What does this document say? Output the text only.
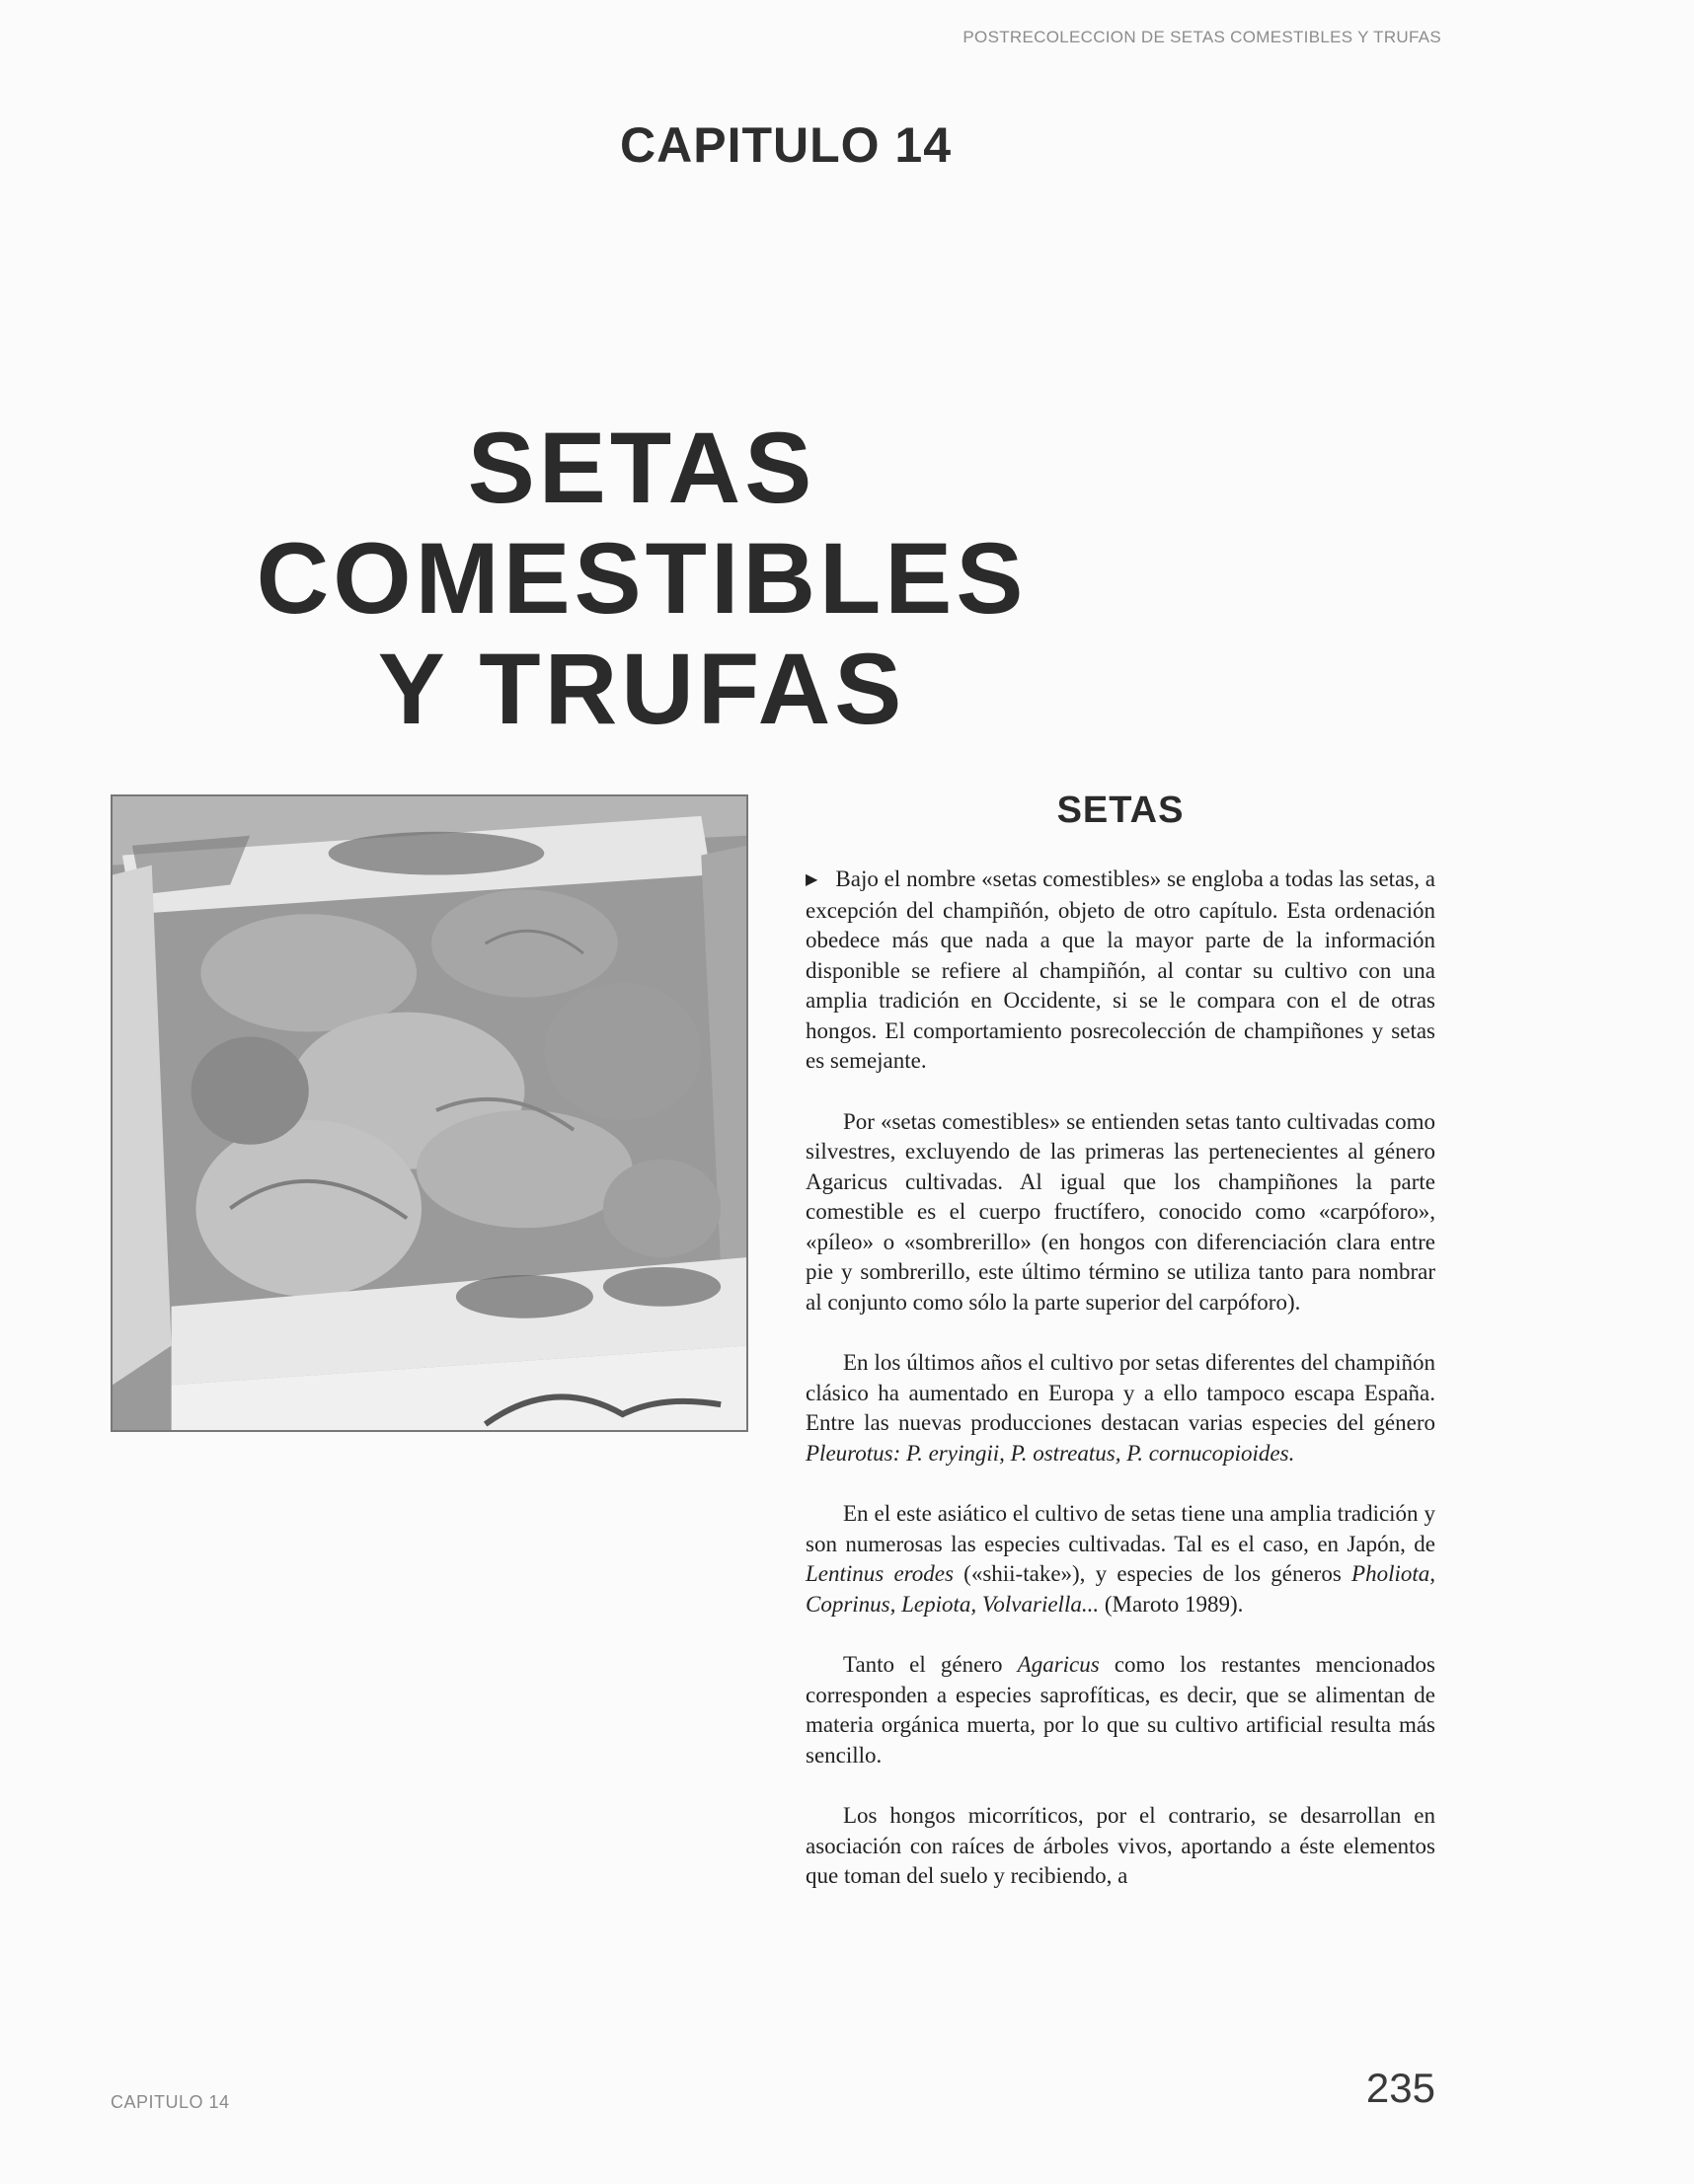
POSTRECOLECCION DE SETAS COMESTIBLES Y TRUFAS
CAPITULO 14
SETAS COMESTIBLES
Y TRUFAS
SETAS

▶ Bajo el nombre «setas comestibles» se engloba a todas las setas, a excepción del champiñón, objeto de otro capítulo. Esta ordenación obedece más que nada a que la mayor parte de la información disponible se refiere al champiñón, al contar su cultivo con una amplia tradición en Occidente, si se le compara con el de otras hongos. El comportamiento posrecolección de champiñones y setas es semejante.

Por «setas comestibles» se entienden setas tanto cultivadas como silvestres, excluyendo de las primeras las pertenecientes al género Agaricus cultivadas. Al igual que los champiñones la parte comestible es el cuerpo fructífero, conocido como «carpóforo», «píleo» o «sombrerillo» (en hongos con diferenciación clara entre pie y sombrerillo, este último término se utiliza tanto para nombrar al conjunto como sólo la parte superior del carpóforo).

En los últimos años el cultivo por setas diferentes del champiñón clásico ha aumentado en Europa y a ello tampoco escapa España. Entre las nuevas producciones destacan varias especies del género Pleurotus: P. eryingii, P. ostreatus, P. cornucopioides.

En el este asiático el cultivo de setas tiene una amplia tradición y son numerosas las especies cultivadas. Tal es el caso, en Japón, de Lentinus erodes («shii-take»), y especies de los géneros Pholiota, Coprinus, Lepiota, Volvariella... (Maroto 1989).

Tanto el género Agaricus como los restantes mencionados corresponden a especies saprofíticas, es decir, que se alimentan de materia orgánica muerta, por lo que su cultivo artificial resulta más sencillo.

Los hongos micorríticos, por el contrario, se desarrollan en asociación con raíces de árboles vivos, aportando a éste elementos que toman del suelo y recibiendo, a

CAPITULO 14	235
